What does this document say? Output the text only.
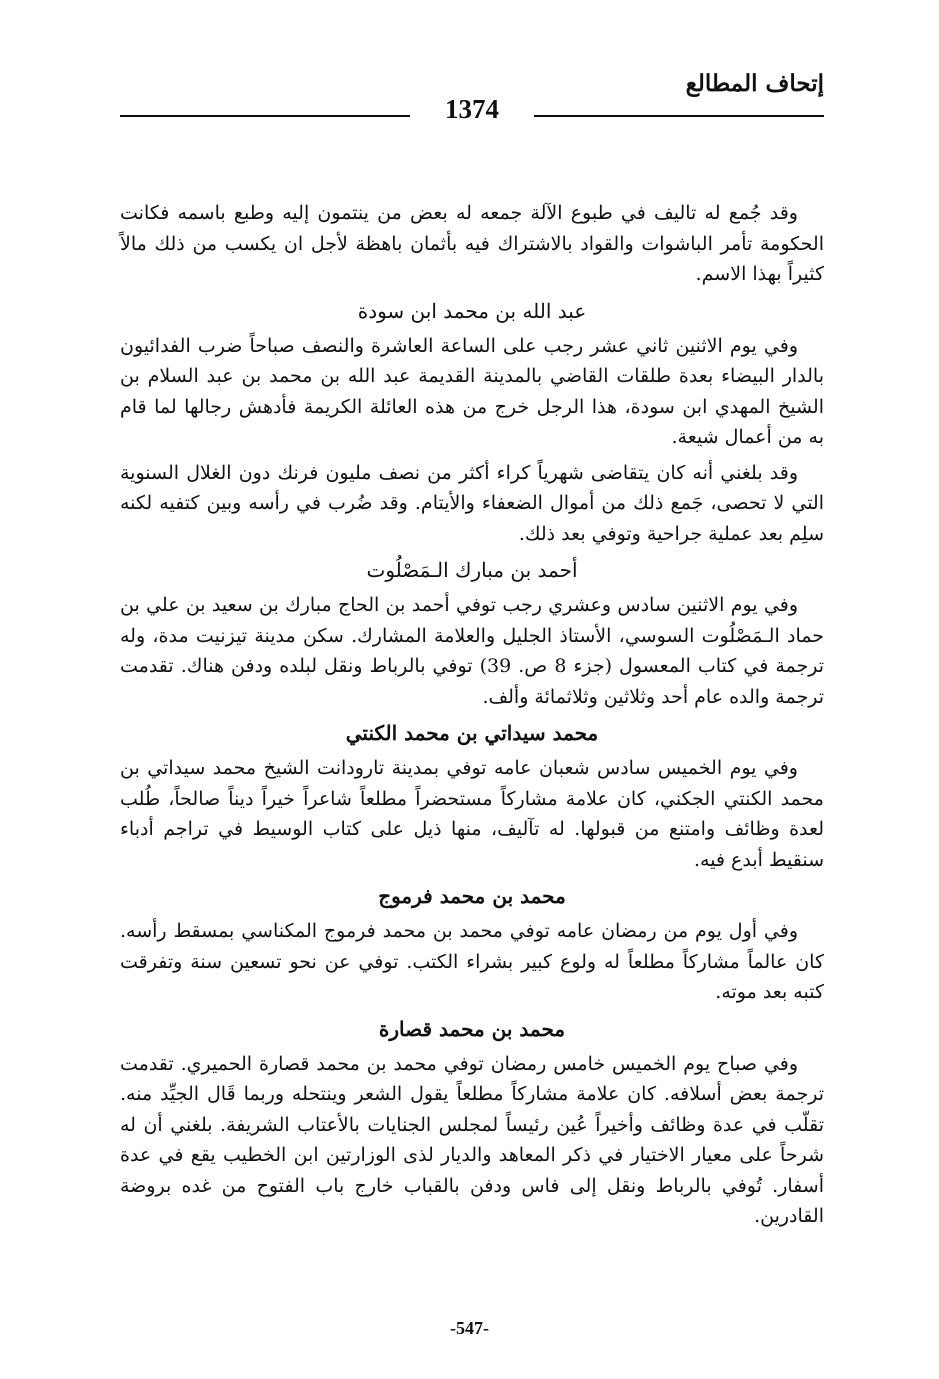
إتحاف المطالع
1374

وقد جُمع له تاليف في طبوع الآلة جمعه له بعض من ينتمون إليه وطبع باسمه فكانت الحكومة تأمر الباشوات والقواد بالاشتراك فيه بأثمان باهظة لأجل ان يكسب من ذلك مالاً كثيراً بهذا الاسم.

عبد الله بن محمد ابن سودة

وفي يوم الاثنين ثاني عشر رجب على الساعة العاشرة والنصف صباحاً ضرب الفدائيون بالدار البيضاء بعدة طلقات القاضي بالمدينة القديمة عبد الله بن محمد بن عبد السلام بن الشيخ المهدي ابن سودة، هذا الرجل خرج من هذه العائلة الكريمة فأدهش رجالها لما قام به من أعمال شيعة.

وقد بلغني أنه كان يتقاضى شهرياً كراء أكثر من نصف مليون فرنك دون الغلال السنوية التي لا تحصى، جَمع ذلك من أموال الضعفاء والأيتام. وقد ضُرب في رأسه وبين كتفيه لكنه سلِم بعد عملية جراحية وتوفي بعد ذلك.

أحمد بن مبارك الـمَصْلُوت

وفي يوم الاثنين سادس وعشري رجب توفي أحمد بن الحاج مبارك بن سعيد بن علي بن حماد الـمَصْلُوت السوسي، الأستاذ الجليل والعلامة المشارك. سكن مدينة تيزنيت مدة، وله ترجمة في كتاب المعسول (جزء 8 ص. 39) توفي بالرباط ونقل لبلده ودفن هناك. تقدمت ترجمة والده عام أحد وثلاثين وثلاثمائة وألف.

محمد سيداتي بن محمد الكنتي

وفي يوم الخميس سادس شعبان عامه توفي بمدينة تارودانت الشيخ محمد سيداتي بن محمد الكنتي الجكني، كان علامة مشاركاً مستحضراً مطلعاً شاعراً خيراً ديناً صالحاً، طُلب لعدة وظائف وامتنع من قبولها. له تآليف، منها ذيل على كتاب الوسيط في تراجم أدباء سنقيط أبدع فيه.

محمد بن محمد فرموج

وفي أول يوم من رمضان عامه توفي محمد بن محمد فرموج المكناسي بمسقط رأسه. كان عالماً مشاركاً مطلعاً له ولوع كبير بشراء الكتب. توفي عن نحو تسعين سنة وتفرقت كتبه بعد موته.

محمد بن محمد قصارة

وفي صباح يوم الخميس خامس رمضان توفي محمد بن محمد قصارة الحميري. تقدمت ترجمة بعض أسلافه. كان علامة مشاركاً مطلعاً يقول الشعر وينتحله وربما قَال الجيِّد منه. تقلّب في عدة وظائف وأخيراً عُين رئيساً لمجلس الجنايات بالأعتاب الشريفة. بلغني أن له شرحاً على معيار الاختيار في ذكر المعاهد والديار لذى الوزارتين ابن الخطيب يقع في عدة أسفار. تُوفي بالرباط ونقل إلى فاس ودفن بالقباب خارج باب الفتوح من غده بروضة القادرين.

-547-
